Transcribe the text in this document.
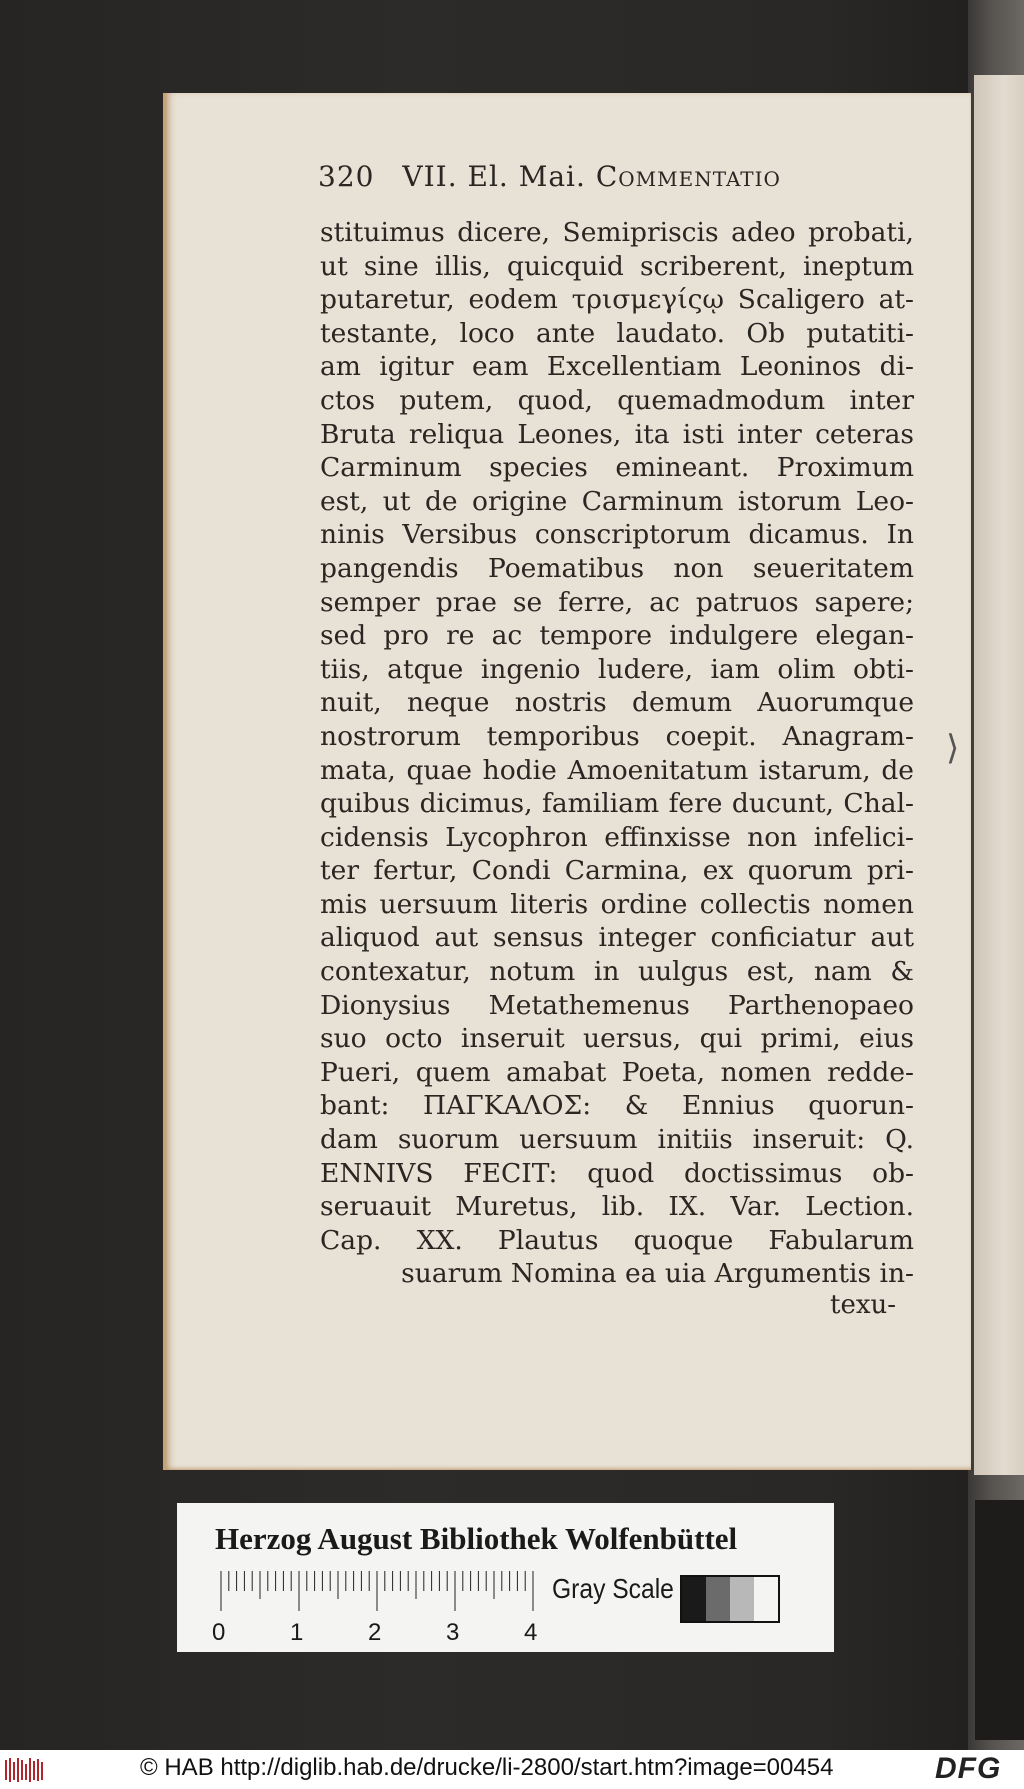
320 VII. El. Mai. Commentatio
stituimus dicere, Semipriscis adeo probati,
ut sine illis, quicquid scriberent, ineptum
putaretur, eodem τρισμεγίςῳ Scaligero at-
testante, loco ante laudato. Ob putatiti-
am igitur eam Excellentiam Leoninos di-
ctos putem, quod, quemadmodum inter
Bruta reliqua Leones, ita isti inter ceteras
Carminum species emineant. Proximum
est, ut de origine Carminum istorum Leo-
ninis Versibus conscriptorum dicamus. In
pangendis Poematibus non seueritatem
semper prae se ferre, ac patruos sapere;
sed pro re ac tempore indulgere elegan-
tiis, atque ingenio ludere, iam olim obti-
nuit, neque nostris demum Auorumque
nostrorum temporibus coepit. Anagram-
mata, quae hodie Amoenitatum istarum, de
quibus dicimus, familiam fere ducunt, Chal-
cidensis Lycophron effinxisse non infelici-
ter fertur, Condi Carmina, ex quorum pri-
mis uersuum literis ordine collectis nomen
aliquod aut sensus integer conficiatur aut
contexatur, notum in uulgus est, nam &
Dionysius Metathemenus Parthenopaeo
suo octo inseruit uersus, qui primi, eius
Pueri, quem amabat Poeta, nomen redde-
bant: ΠΑΓΚΑΛΟΣ: & Ennius quorun-
dam suorum uersuum initiis inseruit: Q.
ENNIVS FECIT: quod doctissimus ob-
seruauit Muretus, lib. IX. Var. Lection.
Cap. XX. Plautus quoque Fabularum
suarum Nomina ea uia Argumentis in-
texu-
⟩
Herzog August Bibliothek Wolfenbüttel
0	1	2	3	4
Gray Scale
© HAB http://diglib.hab.de/drucke/li-2800/start.htm?image=00454	DFG
